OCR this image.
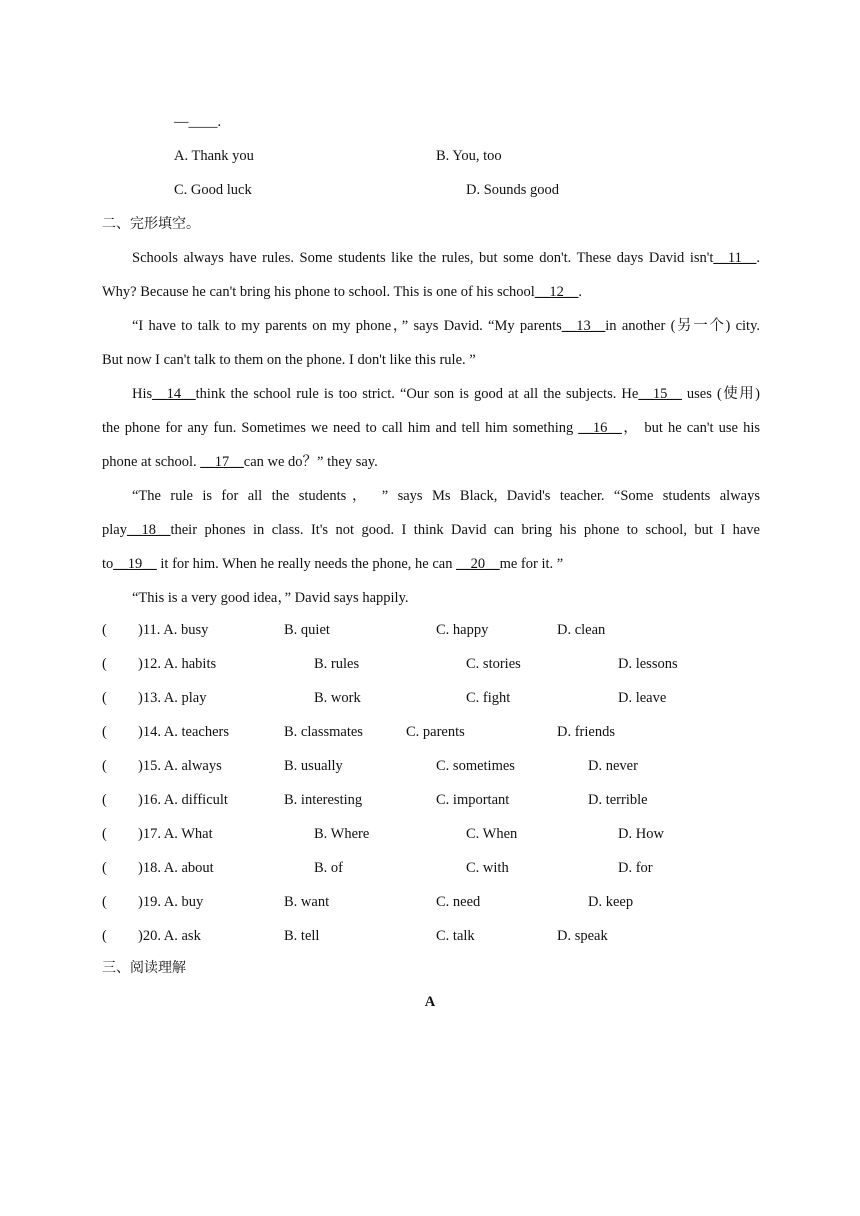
—____.
A. Thank you	B. You, too
C. Good luck	D. Sounds good
二、完形填空。
Schools always have rules. Some students like the rules, but some don't. These days David isn't__11__.
Why? Because he can't bring his phone to school. This is one of his school__12__.
“I have to talk to my parents on my phone，” says David. “My parents__13__in another (另一个) city.
But now I can't talk to them on the phone. I don't like this rule. ”
His__14__think the school rule is too strict. “Our son is good at all the subjects. He__15__ uses (使用)
the phone for any fun. Sometimes we need to call him and tell him something __16__， but he can't use his
phone at school. __17__can we do？” they say.
“The rule is for all the students， ” says Ms Black, David's teacher. “Some students always
play__18__their phones in class. It's not good. I think David can bring his phone to school, but I have
to__19__ it for him. When he really needs the phone, he can __20__me for it. ”
“This is a very good idea，” David says happily.
( )11. A. busy	B. quiet	C. happy	D. clean
( )12. A. habits	B. rules	C. stories	D. lessons
( )13. A. play	B. work	C. fight	D. leave
( )14. A. teachers	B. classmates	C. parents	D. friends
( )15. A. always	B. usually	C. sometimes	D. never
( )16. A. difficult	B. interesting	C. important	D. terrible
( )17. A. What	B. Where	C. When	D. How
( )18. A. about	B. of	C. with	D. for
( )19. A. buy	B. want	C. need	D. keep
( )20. A. ask	B. tell	C. talk	D. speak
三、阅读理解
A
